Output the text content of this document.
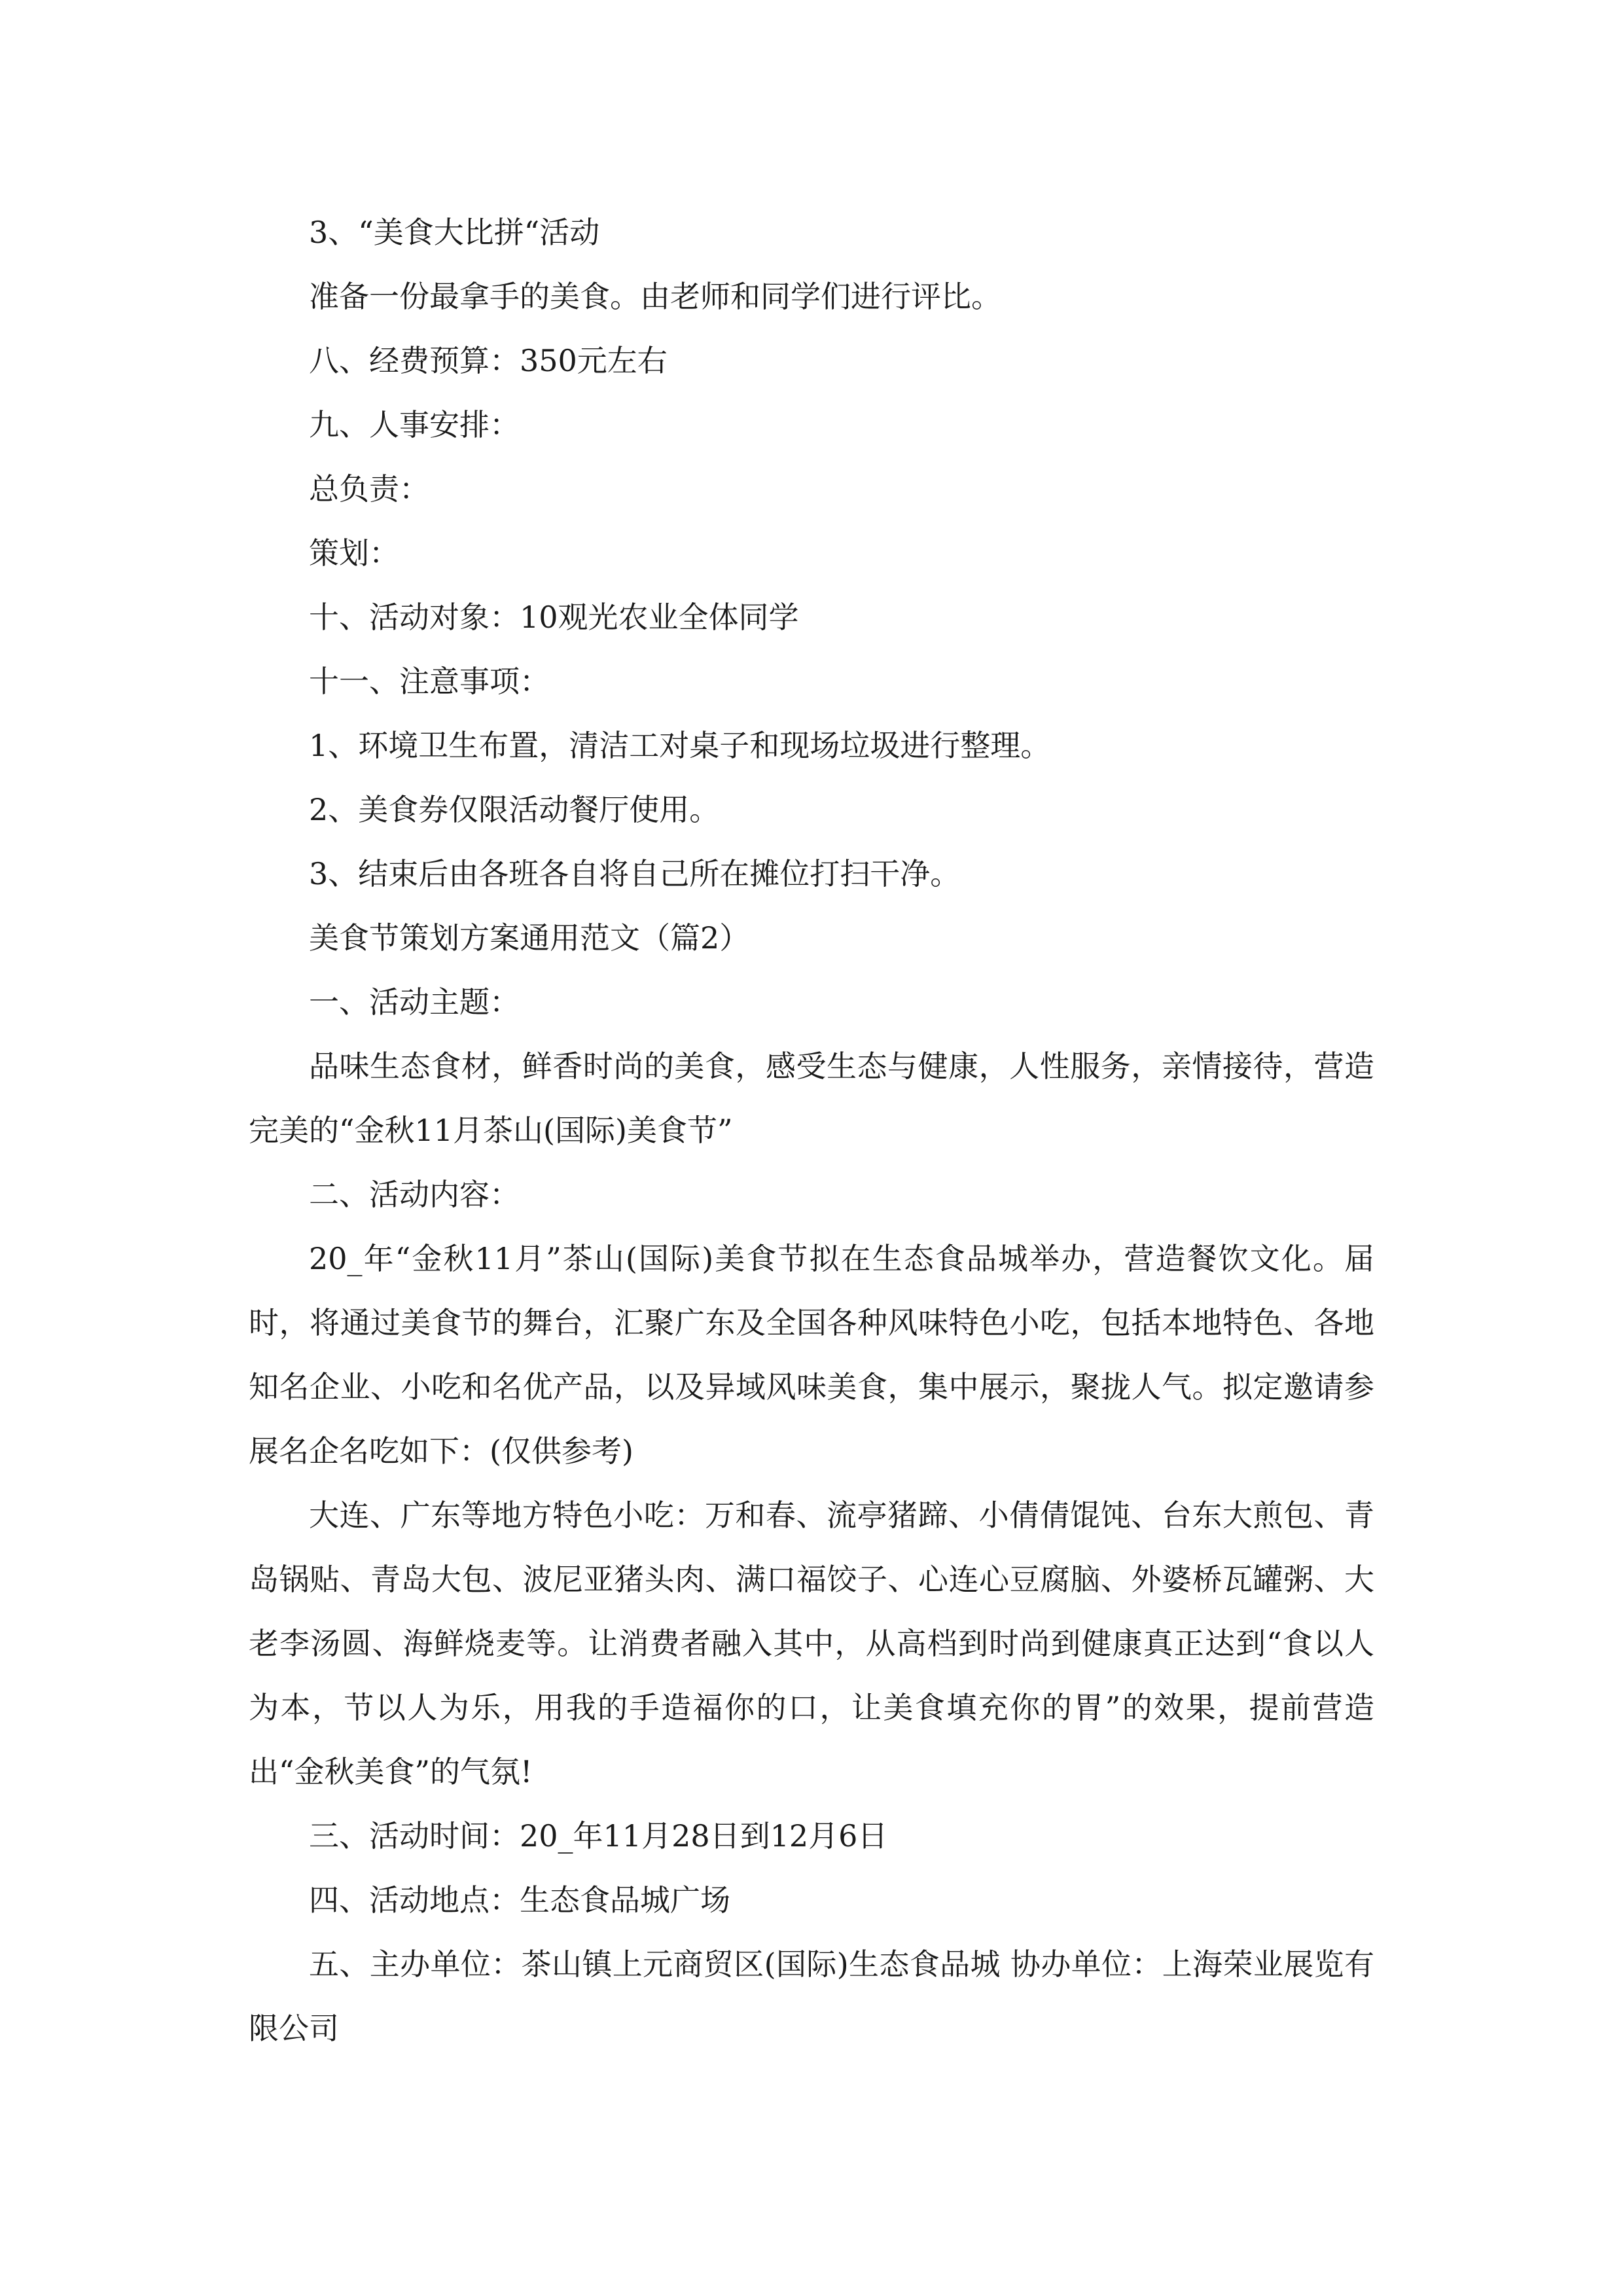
3、“美食大比拼“活动

准备一份最拿手的美食。由老师和同学们进行评比。

八、经费预算：350元左右

九、人事安排：

总负责：

策划：

十、活动对象：10观光农业全体同学

十一、注意事项：

1、环境卫生布置，清洁工对桌子和现场垃圾进行整理。

2、美食券仅限活动餐厅使用。

3、结束后由各班各自将自己所在摊位打扫干净。

美食节策划方案通用范文（篇2）

一、活动主题：

品味生态食材，鲜香时尚的美食，感受生态与健康，人性服务，亲情接待，营造完美的“金秋11月茶山(国际)美食节”

二、活动内容：

20_年“金秋11月”茶山(国际)美食节拟在生态食品城举办，营造餐饮文化。届时，将通过美食节的舞台，汇聚广东及全国各种风味特色小吃，包括本地特色、各地知名企业、小吃和名优产品，以及异域风味美食，集中展示，聚拢人气。拟定邀请参展名企名吃如下：(仅供参考)

大连、广东等地方特色小吃：万和春、流亭猪蹄、小倩倩馄饨、台东大煎包、青岛锅贴、青岛大包、波尼亚猪头肉、满口福饺子、心连心豆腐脑、外婆桥瓦罐粥、大老李汤圆、海鲜烧麦等。让消费者融入其中，从高档到时尚到健康真正达到“食以人为本，节以人为乐，用我的手造福你的口，让美食填充你的胃”的效果，提前营造出“金秋美食”的气氛!

三、活动时间：20_年11月28日到12月6日

四、活动地点：生态食品城广场

五、主办单位：茶山镇上元商贸区(国际)生态食品城 协办单位：上海荣业展览有限公司
